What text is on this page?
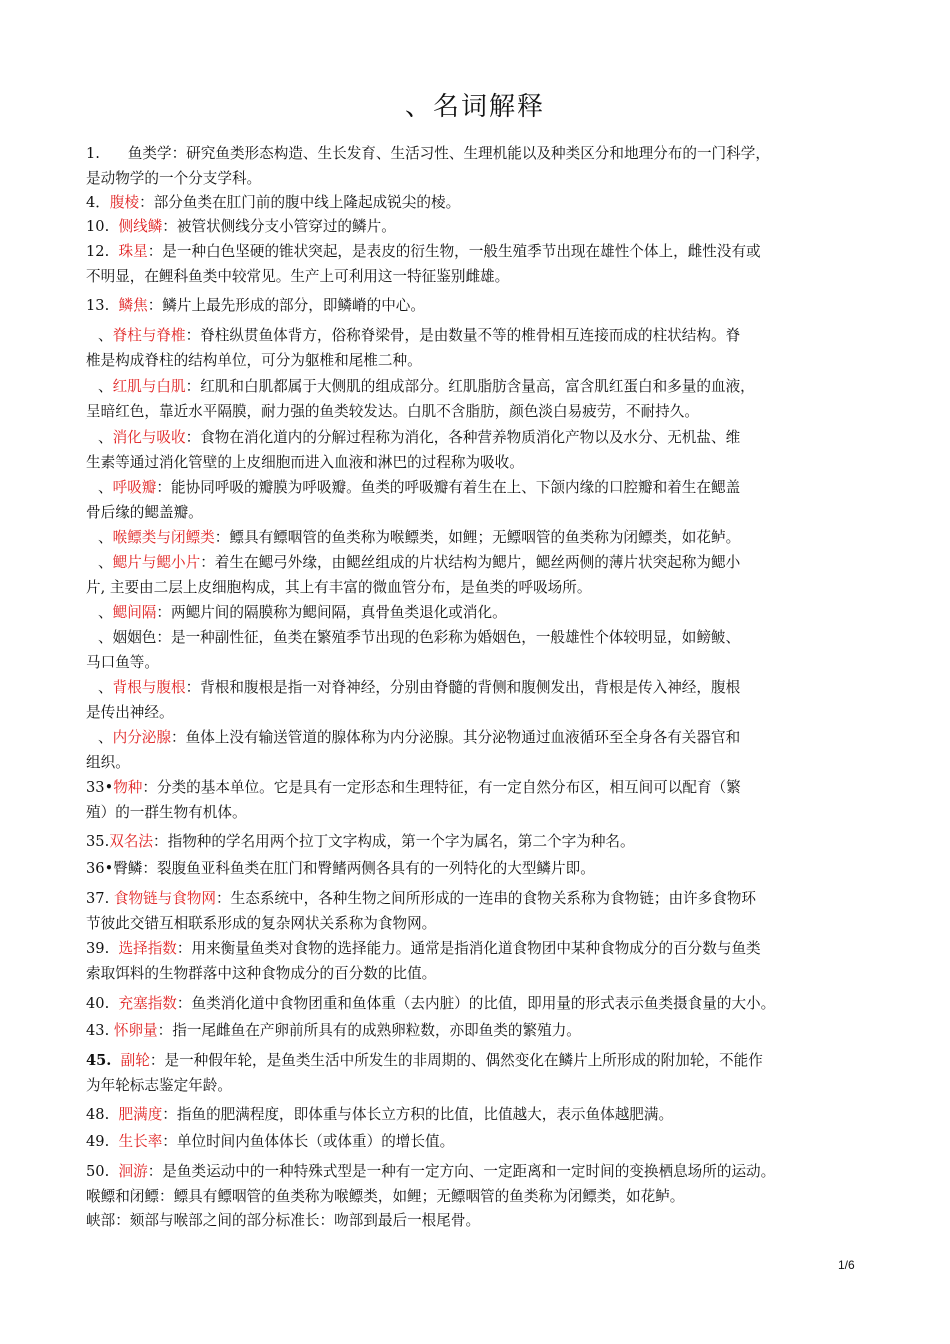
、名词解释
1. 鱼类学：研究鱼类形态构造、生长发育、生活习性、生理机能以及种类区分和地理分布的一门科学，
是动物学的一个分支学科。
4．腹棱：部分鱼类在肛门前的腹中线上隆起成锐尖的棱。
10. 侧线鳞：被管状侧线分支小管穿过的鳞片。
12. 珠星：是一种白色坚硬的锥状突起，是表皮的衍生物，一般生殖季节出现在雄性个体上，雌性没有或
不明显，在鲤科鱼类中较常见。生产上可利用这一特征鉴别雌雄。
13. 鳞焦：鳞片上最先形成的部分，即鳞嵴的中心。
、脊柱与脊椎：脊柱纵贯鱼体背方，俗称脊梁骨，是由数量不等的椎骨相互连接而成的柱状结构。脊
椎是构成脊柱的结构单位，可分为躯椎和尾椎二种。
、红肌与白肌：红肌和白肌都属于大侧肌的组成部分。红肌脂肪含量高，富含肌红蛋白和多量的血液，
呈暗红色，靠近水平隔膜，耐力强的鱼类较发达。白肌不含脂肪，颜色淡白易疲劳，不耐持久。
、消化与吸收：食物在消化道内的分解过程称为消化，各种营养物质消化产物以及水分、无机盐、维
生素等通过消化管壁的上皮细胞而进入血液和淋巴的过程称为吸收。
、呼吸瓣：能协同呼吸的瓣膜为呼吸瓣。鱼类的呼吸瓣有着生在上、下颌内缘的口腔瓣和着生在鳃盖
骨后缘的鳃盖瓣。
、喉鳔类与闭鳔类：鳔具有鳔咽管的鱼类称为喉鳔类，如鲤；无鳔咽管的鱼类称为闭鳔类，如花鲈。
、鳃片与鳃小片：着生在鳃弓外缘，由鳃丝组成的片状结构为鳃片，鳃丝两侧的薄片状突起称为鳃小
片, 主要由二层上皮细胞构成，其上有丰富的微血管分布，是鱼类的呼吸场所。
、鳃间隔：两鳃片间的隔膜称为鳃间隔，真骨鱼类退化或消化。
、姻姻色：是一种副性征，鱼类在繁殖季节出现的色彩称为婚姻色，一般雄性个体较明显，如鳑鲏、
马口鱼等。
、背根与腹根：背根和腹根是指一对脊神经，分别由脊髓的背侧和腹侧发出，背根是传入神经，腹根
是传出神经。
、内分泌腺：鱼体上没有输送管道的腺体称为内分泌腺。其分泌物通过血液循环至全身各有关器官和
组织。
33•物种：分类的基本单位。它是具有一定形态和生理特征，有一定自然分布区，相互间可以配育（繁
殖）的一群生物有机体。
35.双名法：指物种的学名用两个拉丁文字构成，第一个字为属名，第二个字为种名。
36•臀鳞：裂腹鱼亚科鱼类在肛门和臀鳍两侧各具有的一列特化的大型鳞片即。
37. 食物链与食物网：生态系统中，各种生物之间所形成的一连串的食物关系称为食物链；由许多食物环
节彼此交错互相联系形成的复杂网状关系称为食物网。
39. 选择指数：用来衡量鱼类对食物的选择能力。通常是指消化道食物团中某种食物成分的百分数与鱼类
索取饵料的生物群落中这种食物成分的百分数的比值。
40. 充塞指数：鱼类消化道中食物团重和鱼体重（去内脏）的比值，即用量的形式表示鱼类摄食量的大小。
43. 怀卵量：指一尾雌鱼在产卵前所具有的成熟卵粒数，亦即鱼类的繁殖力。
45. 副轮：是一种假年轮，是鱼类生活中所发生的非周期的、偶然变化在鳞片上所形成的附加轮，不能作
为年轮标志鉴定年龄。
48. 肥满度：指鱼的肥满程度，即体重与体长立方积的比值，比值越大，表示鱼体越肥满。
49. 生长率：单位时间内鱼体体长（或体重）的增长值。
50. 洄游：是鱼类运动中的一种特殊式型是一种有一定方向、一定距离和一定时间的变换栖息场所的运动。
喉鳔和闭鳔：鳔具有鳔咽管的鱼类称为喉鳔类，如鲤；无鳔咽管的鱼类称为闭鳔类，如花鲈。
峡部：颏部与喉部之间的部分标准长：吻部到最后一根尾骨。
1/6
